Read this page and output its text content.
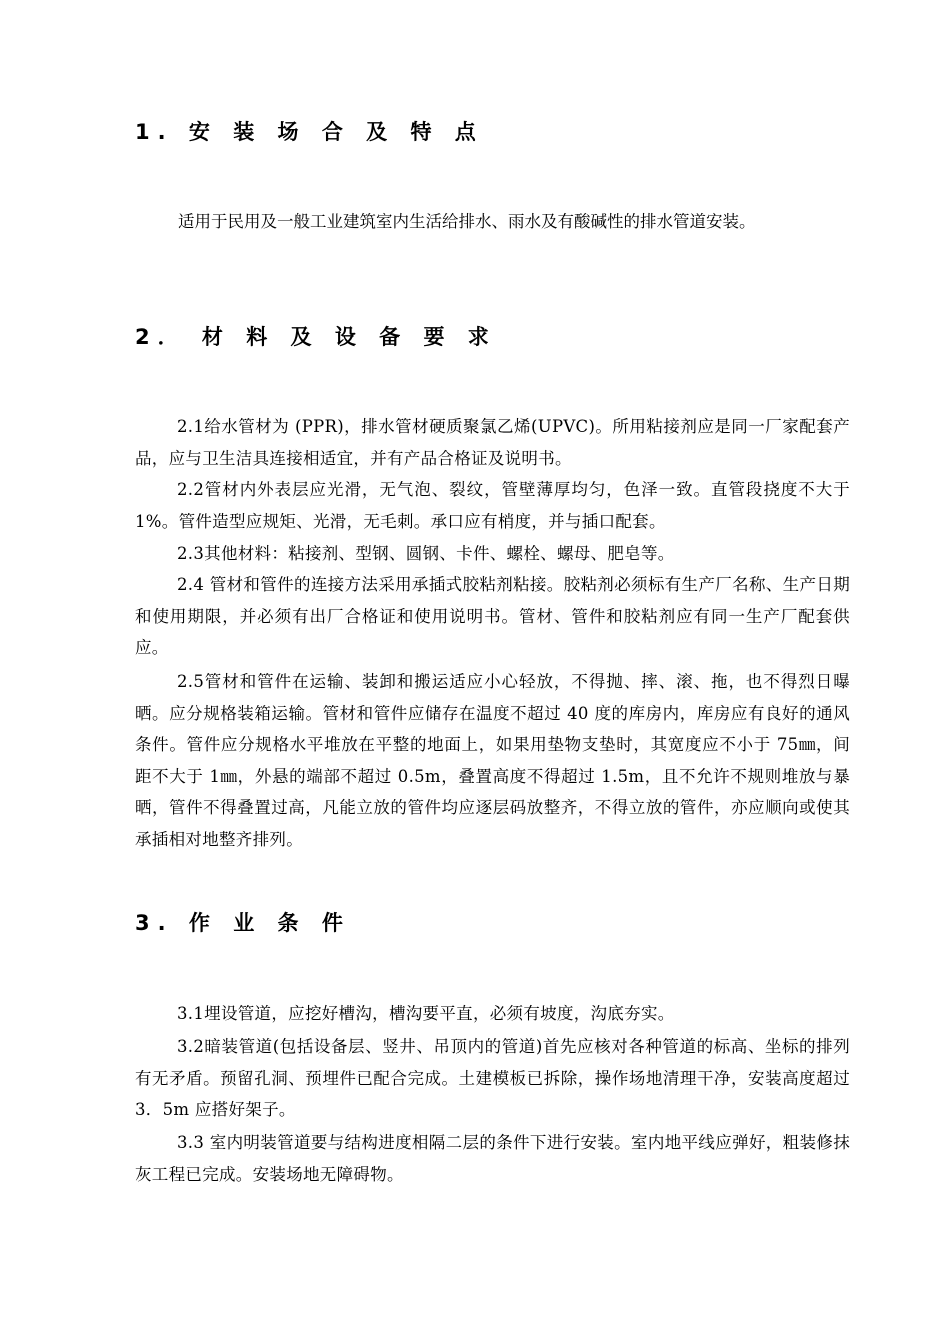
1. 安 装 场 合 及 特 点
适用于民用及一般工业建筑室内生活给排水、雨水及有酸碱性的排水管道安装。
2． 材 料 及 设 备 要 求
2.1给水管材为 (PPR)，排水管材硬质聚氯乙烯(UPVC)。所用粘接剂应是同一厂家配套产品，应与卫生洁具连接相适宜，并有产品合格证及说明书。
2.2管材内外表层应光滑，无气泡、裂纹，管壁薄厚均匀，色泽一致。直管段挠度不大于 1%。管件造型应规矩、光滑，无毛刺。承口应有梢度，并与插口配套。
2.3其他材料：粘接剂、型钢、圆钢、卡件、螺栓、螺母、肥皂等。
2.4 管材和管件的连接方法采用承插式胶粘剂粘接。胶粘剂必须标有生产厂名称、生产日期和使用期限，并必须有出厂合格证和使用说明书。管材、管件和胶粘剂应有同一生产厂配套供应。
2.5管材和管件在运输、装卸和搬运适应小心轻放，不得抛、摔、滚、拖，也不得烈日曝晒。应分规格装箱运输。管材和管件应储存在温度不超过 40 度的库房内，库房应有良好的通风条件。管件应分规格水平堆放在平整的地面上，如果用垫物支垫时，其宽度应不小于 75㎜，间距不大于 1㎜，外悬的端部不超过 0.5m，叠置高度不得超过 1.5m，且不允许不规则堆放与暴晒，管件不得叠置过高，凡能立放的管件均应逐层码放整齐，不得立放的管件，亦应顺向或使其承插相对地整齐排列。
3. 作 业 条 件
3.1埋设管道，应挖好槽沟，槽沟要平直，必须有坡度，沟底夯实。
3.2暗装管道(包括设备层、竖井、吊顶内的管道)首先应核对各种管道的标高、坐标的排列有无矛盾。预留孔洞、预埋件已配合完成。土建模板已拆除，操作场地清理干净，安装高度超过 3．5m 应搭好架子。
3.3 室内明装管道要与结构进度相隔二层的条件下进行安装。室内地平线应弹好，粗装修抹灰工程已完成。安装场地无障碍物。
